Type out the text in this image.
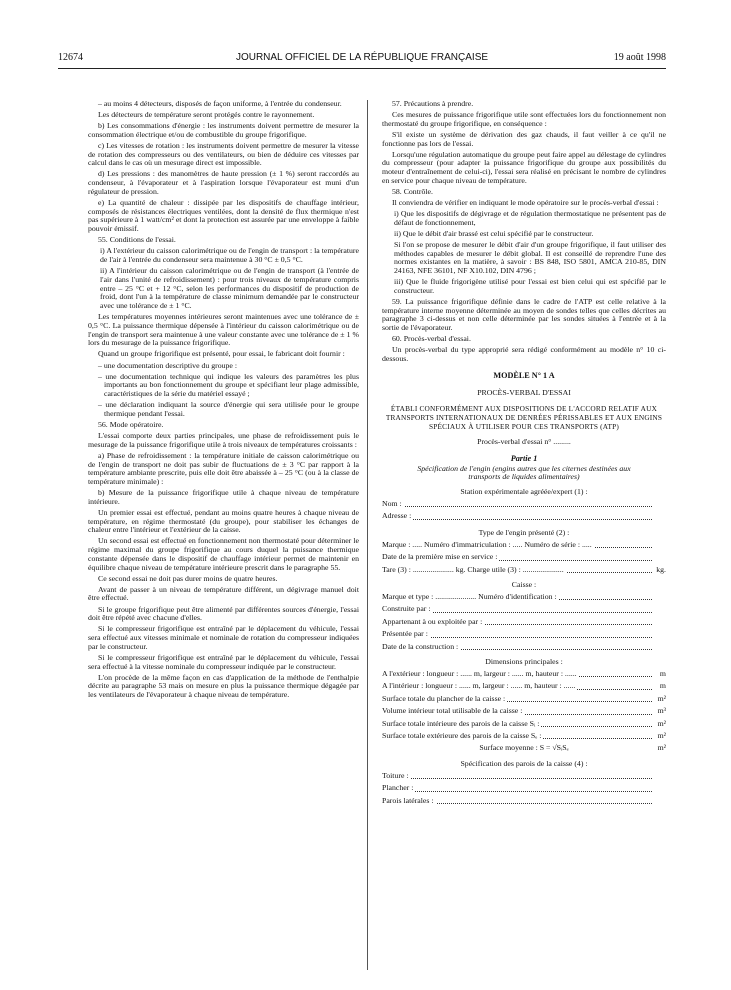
JOURNAL OFFICIEL DE LA RÉPUBLIQUE FRANÇAISE
12674	19 août 1998

– au moins 4 détecteurs, disposés de façon uniforme, à l'entrée du condenseur.

Les détecteurs de température seront protégés contre le rayonnement.

b) Les consommations d'énergie : les instruments doivent permettre de mesurer la consommation électrique et/ou de combustible du groupe frigorifique.

c) Les vitesses de rotation : les instruments doivent permettre de mesurer la vitesse de rotation des compresseurs ou des ventilateurs, ou bien de déduire ces vitesses par calcul dans le cas où un mesurage direct est impossible.

d) Les pressions : des manomètres de haute pression (± 1 %) seront raccordés au condenseur, à l'évaporateur et à l'aspiration lorsque l'évaporateur est muni d'un régulateur de pression.

e) La quantité de chaleur : dissipée par les dispositifs de chauffage intérieur, composés de résistances électriques ventilées, dont la densité de flux thermique n'est pas supérieure à 1 watt/cm² et dont la protection est assurée par une enveloppe à faible pouvoir émissif.

55. Conditions de l'essai.

i) A l'extérieur du caisson calorimétrique ou de l'engin de transport : la température de l'air à l'entrée du condenseur sera maintenue à 30 °C ± 0,5 °C.

ii) A l'intérieur du caisson calorimétrique ou de l'engin de transport (à l'entrée de l'air dans l'unité de refroidissement) : pour trois niveaux de température compris entre – 25 °C et + 12 °C, selon les performances du dispositif de production de froid, dont l'un à la température de classe minimum demandée par le constructeur avec une tolérance de ± 1 °C.

Les températures moyennes intérieures seront maintenues avec une tolérance de ± 0,5 °C. La puissance thermique dépensée à l'intérieur du caisson calorimétrique ou de l'engin de transport sera maintenue à une valeur constante avec une tolérance de ± 1 % lors du mesurage de la puissance frigorifique.

Quand un groupe frigorifique est présenté, pour essai, le fabricant doit fournir :

– une documentation descriptive du groupe :

– une documentation technique qui indique les valeurs des paramètres les plus importants au bon fonctionnement du groupe et spécifiant leur plage admissible, caractéristiques de la série du matériel essayé ;

– une déclaration indiquant la source d'énergie qui sera utilisée pour le groupe thermique pendant l'essai.

56. Mode opératoire.

L'essai comporte deux parties principales, une phase de refroidissement puis le mesurage de la puissance frigorifique utile à trois niveaux de températures croissants :

a) Phase de refroidissement : la température initiale de caisson calorimétrique ou de l'engin de transport ne doit pas subir de fluctuations de ± 3 °C par rapport à la température ambiante prescrite, puis elle doit être abaissée à – 25 °C (ou à la classe de température minimale) :

b) Mesure de la puissance frigorifique utile à chaque niveau de température intérieure.

Un premier essai est effectué, pendant au moins quatre heures à chaque niveau de température, en régime thermostaté (du groupe), pour stabiliser les échanges de chaleur entre l'intérieur et l'extérieur de la caisse.

Un second essai est effectué en fonctionnement non thermostaté pour déterminer le régime maximal du groupe frigorifique au cours duquel la puissance thermique constante dépensée dans le dispositif de chauffage intérieur permet de maintenir en équilibre chaque niveau de température intérieure prescrit dans le paragraphe 55.

Ce second essai ne doit pas durer moins de quatre heures.

Avant de passer à un niveau de température différent, un dégivrage manuel doit être effectué.

Si le groupe frigorifique peut être alimenté par différentes sources d'énergie, l'essai doit être répété avec chacune d'elles.

Si le compresseur frigorifique est entraîné par le déplacement du véhicule, l'essai sera effectué aux vitesses minimale et nominale de rotation du compresseur indiquées par le constructeur.

Si le compresseur frigorifique est entraîné par le déplacement du véhicule, l'essai sera effectué à la vitesse nominale du compresseur indiquée par le constructeur.

L'on procède de la même façon en cas d'application de la méthode de l'enthalpie décrite au paragraphe 53 mais on mesure en plus la puissance thermique dégagée par les ventilateurs de l'évaporateur à chaque niveau de température.

57. Précautions à prendre.

Ces mesures de puissance frigorifique utile sont effectuées lors du fonctionnement non thermostaté du groupe frigorifique, en conséquence :

S'il existe un système de dérivation des gaz chauds, il faut veiller à ce qu'il ne fonctionne pas lors de l'essai.

Lorsqu'une régulation automatique du groupe peut faire appel au délestage de cylindres du compresseur (pour adapter la puissance frigorifique du groupe aux possibilités du moteur d'entraînement de celui-ci), l'essai sera réalisé en précisant le nombre de cylindres en service pour chaque niveau de température.

58. Contrôle.

Il conviendra de vérifier en indiquant le mode opératoire sur le procès-verbal d'essai :

i) Que les dispositifs de dégivrage et de régulation thermostatique ne présentent pas de défaut de fonctionnement,

ii) Que le débit d'air brassé est celui spécifié par le constructeur.

Si l'on se propose de mesurer le débit d'air d'un groupe frigorifique, il faut utiliser des méthodes capables de mesurer le débit global. Il est conseillé de reprendre l'une des normes existantes en la matière, à savoir : BS 848, ISO 5801, AMCA 210-85, DIN 24163, NFE 36101, NF X10.102, DIN 4796 ;

iii) Que le fluide frigorigène utilisé pour l'essai est bien celui qui est spécifié par le constructeur.

59. La puissance frigorifique définie dans le cadre de l'ATP est celle relative à la température interne moyenne déterminée au moyen de sondes telles que celles décrites au paragraphe 3 ci-dessus et non celle déterminée par les sondes situées à l'entrée et à la sortie de l'évaporateur.

60. Procès-verbal d'essai.

Un procès-verbal du type approprié sera rédigé conformément au modèle n° 10 ci-dessous.

MODÈLE N° 1 A

PROCÈS-VERBAL D'ESSAI

ÉTABLI CONFORMÉMENT AUX DISPOSITIONS DE L'ACCORD RELATIF AUX TRANSPORTS INTERNATIONAUX DE DENRÉES PÉRISSABLES ET AUX ENGINS SPÉCIAUX À UTILISER POUR CES TRANSPORTS (ATP)

Procès-verbal d'essai n° .........

Partie 1

Spécification de l'engin (engins autres que les citernes destinées aux transports de liquides alimentaires)

Station expérimentale agréée/expert (1) :
Nom :
Adresse :
Type de l'engin présenté (2) :
Marque : ..... Numéro d'immatriculation : ..... Numéro de série : .....
Date de la première mise en service :
Tare (3) : ..................... kg. Charge utile (3) : .....................	kg.
Caisse :
Marque et type : ..................... Numéro d'identification :
Construite par :
Appartenant à ou exploitée par :
Présentée par :
Date de la construction :
Dimensions principales :
A l'extérieur : longueur : ...... m, largeur : ...... m, hauteur : ......	m
A l'intérieur : longueur : ...... m, largeur : ...... m, hauteur : ......	m
Surface totale du plancher de la caisse :	m²
Volume intérieur total utilisable de la caisse :	m³
Surface totale intérieure des parois de la caisse Sᵢ :	m²
Surface totale extérieure des parois de la caisse Sₑ :	m²
Surface moyenne : S = √SᵢSₑ	m²
Spécification des parois de la caisse (4) :
Toiture :
Plancher :
Parois latérales :
